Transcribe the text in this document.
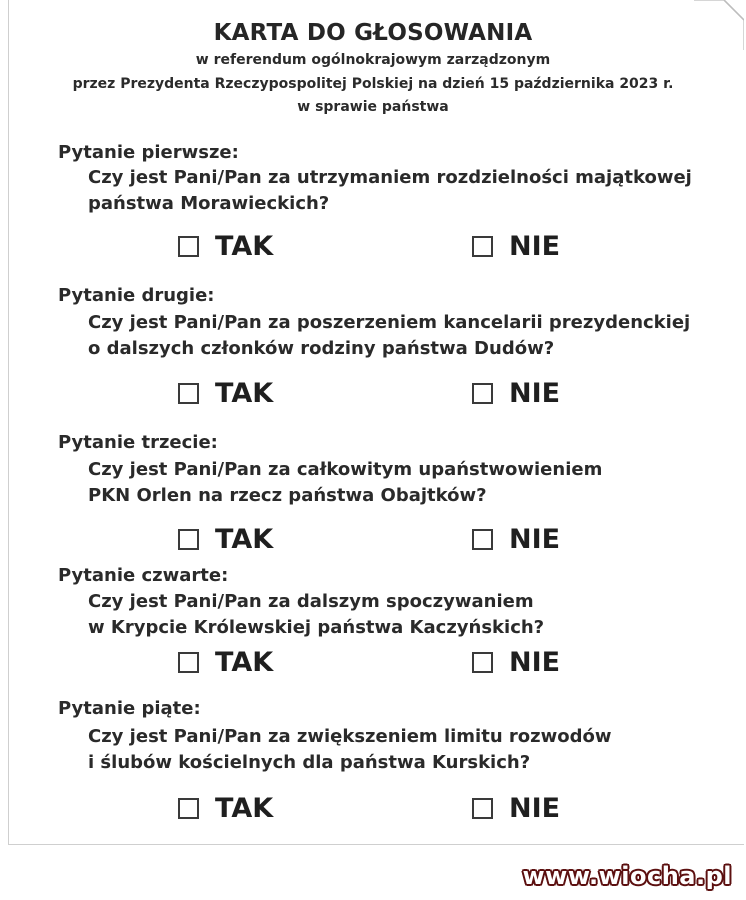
KARTA DO GŁOSOWANIA
w referendum ogólnokrajowym zarządzonym
przez Prezydenta Rzeczypospolitej Polskiej na dzień 15 października 2023 r.
w sprawie państwa
Pytanie pierwsze:
Czy jest Pani/Pan za utrzymaniem rozdzielności majątkowej
państwa Morawieckich?
TAK	NIE
Pytanie drugie:
Czy jest Pani/Pan za poszerzeniem kancelarii prezydenckiej
o dalszych członków rodziny państwa Dudów?
TAK	NIE
Pytanie trzecie:
Czy jest Pani/Pan za całkowitym upaństwowieniem
PKN Orlen na rzecz państwa Obajtków?
TAK	NIE
Pytanie czwarte:
Czy jest Pani/Pan za dalszym spoczywaniem
w Krypcie Królewskiej państwa Kaczyńskich?
TAK	NIE
Pytanie piąte:
Czy jest Pani/Pan za zwiększeniem limitu rozwodów
i ślubów kościelnych dla państwa Kurskich?
TAK	NIE
www.wiocha.pl
